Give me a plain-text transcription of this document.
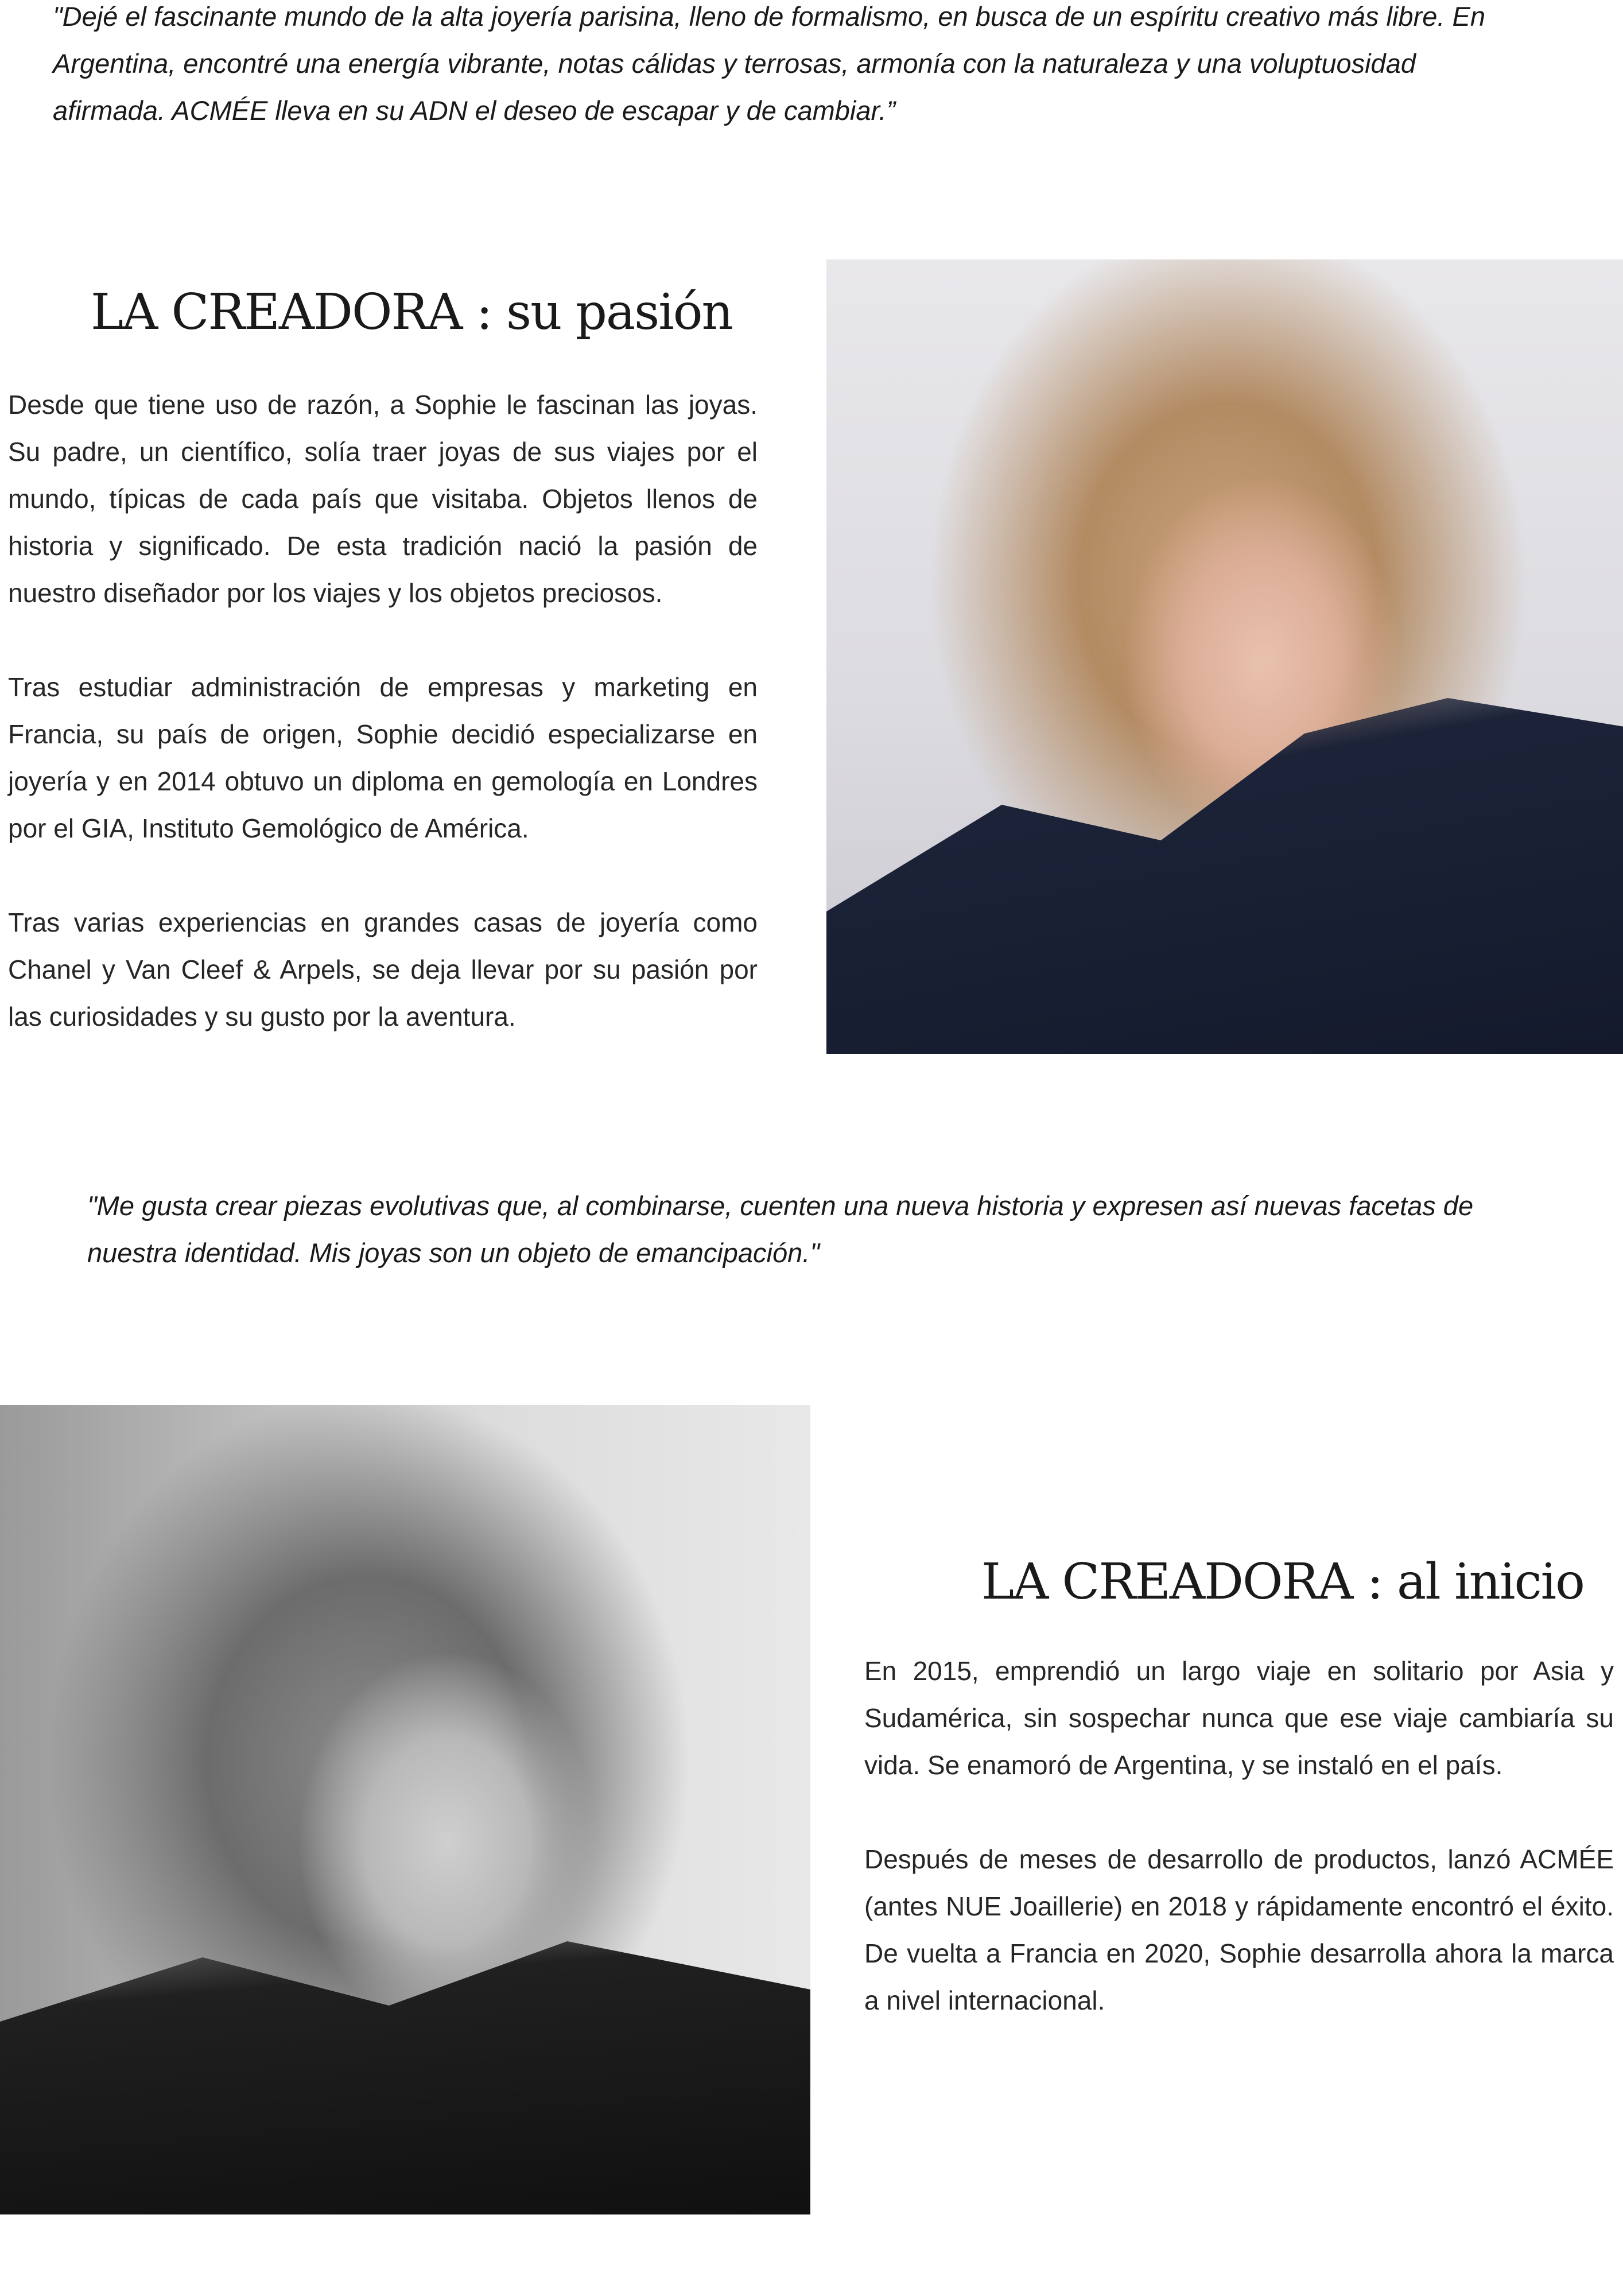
"Dejé el fascinante mundo de la alta joyería parisina, lleno de formalismo, en busca de un espíritu creativo más libre. En Argentina, encontré una energía vibrante, notas cálidas y terrosas, armonía con la naturaleza y una voluptuosidad afirmada. ACMÉE lleva en su ADN el deseo de escapar y de cambiar.”

LA CREADORA : su pasión

Desde que tiene uso de razón, a Sophie le fascinan las joyas. Su padre, un científico, solía traer joyas de sus viajes por el mundo, típicas de cada país que visitaba. Objetos llenos de historia y significado. De esta tradición nació la pasión de nuestro diseñador por los viajes y los objetos preciosos.

Tras estudiar administración de empresas y marketing en Francia, su país de origen, Sophie decidió especializarse en joyería y en 2014 obtuvo un diploma en gemología en Londres por el GIA, Instituto Gemológico de América.

Tras varias experiencias en grandes casas de joyería como Chanel y Van Cleef & Arpels, se deja llevar por su pasión por las curiosidades y su gusto por la aventura.

"Me gusta crear piezas evolutivas que, al combinarse, cuenten una nueva historia y expresen así nuevas facetas de nuestra identidad. Mis joyas son un objeto de emancipación."

LA CREADORA : al inicio

En 2015, emprendió un largo viaje en solitario por Asia y Sudamérica, sin sospechar nunca que ese viaje cambiaría su vida. Se enamoró de Argentina, y se instaló en el país.

Después de meses de desarrollo de productos, lanzó ACMÉE (antes NUE Joaillerie) en 2018 y rápidamente encontró el éxito. De vuelta a Francia en 2020, Sophie desarrolla ahora la marca a nivel internacional.
